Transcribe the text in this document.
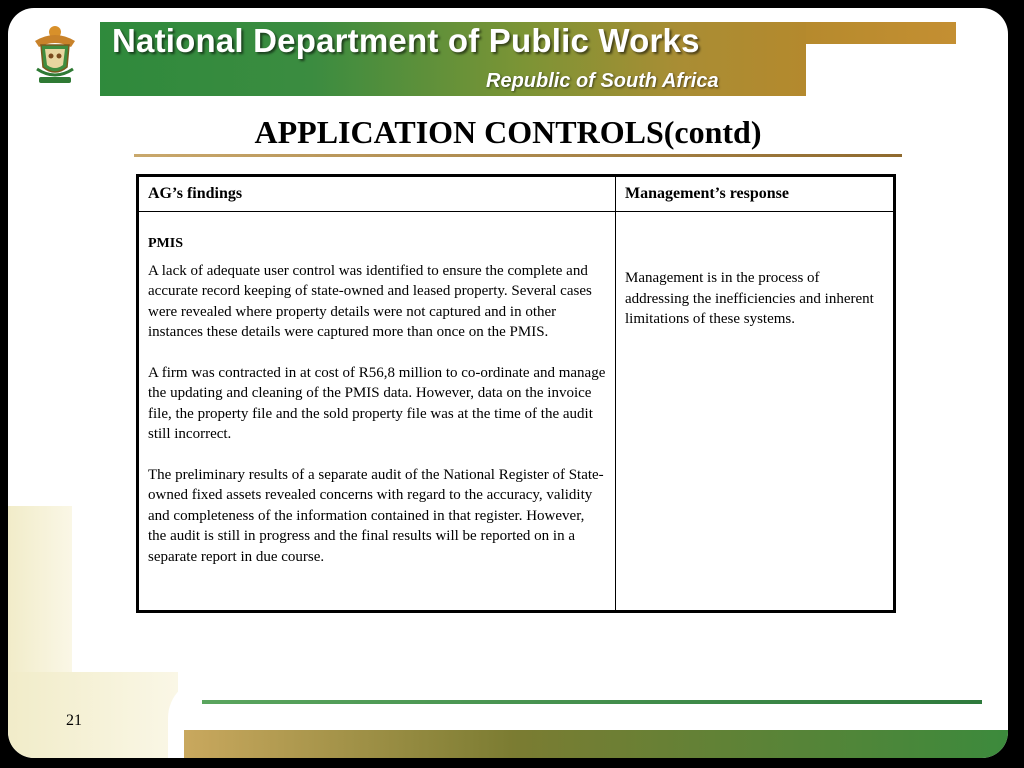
National Department of Public Works
Republic of South Africa
APPLICATION CONTROLS(contd)
AG’s findings	Management’s response

PMIS

A lack of adequate user control was identified to ensure the complete and accurate record keeping of state-owned and leased property. Several cases were revealed where property details were not captured and in other instances these details were captured more than once on the PMIS.

A firm was contracted in at cost of R56,8 million to co-ordinate and manage the updating and cleaning of the PMIS data. However, data on the invoice file, the property file and the sold property file was at the time of the audit still incorrect.

The preliminary results of a separate audit of the National Register of State-owned fixed assets revealed concerns with regard to the accuracy, validity and completeness of the information contained in that register. However, the audit is still in progress and the final results will be reported on in a separate report in due course.	Management is in the process of addressing the inefficiencies and inherent limitations of these systems.
21
